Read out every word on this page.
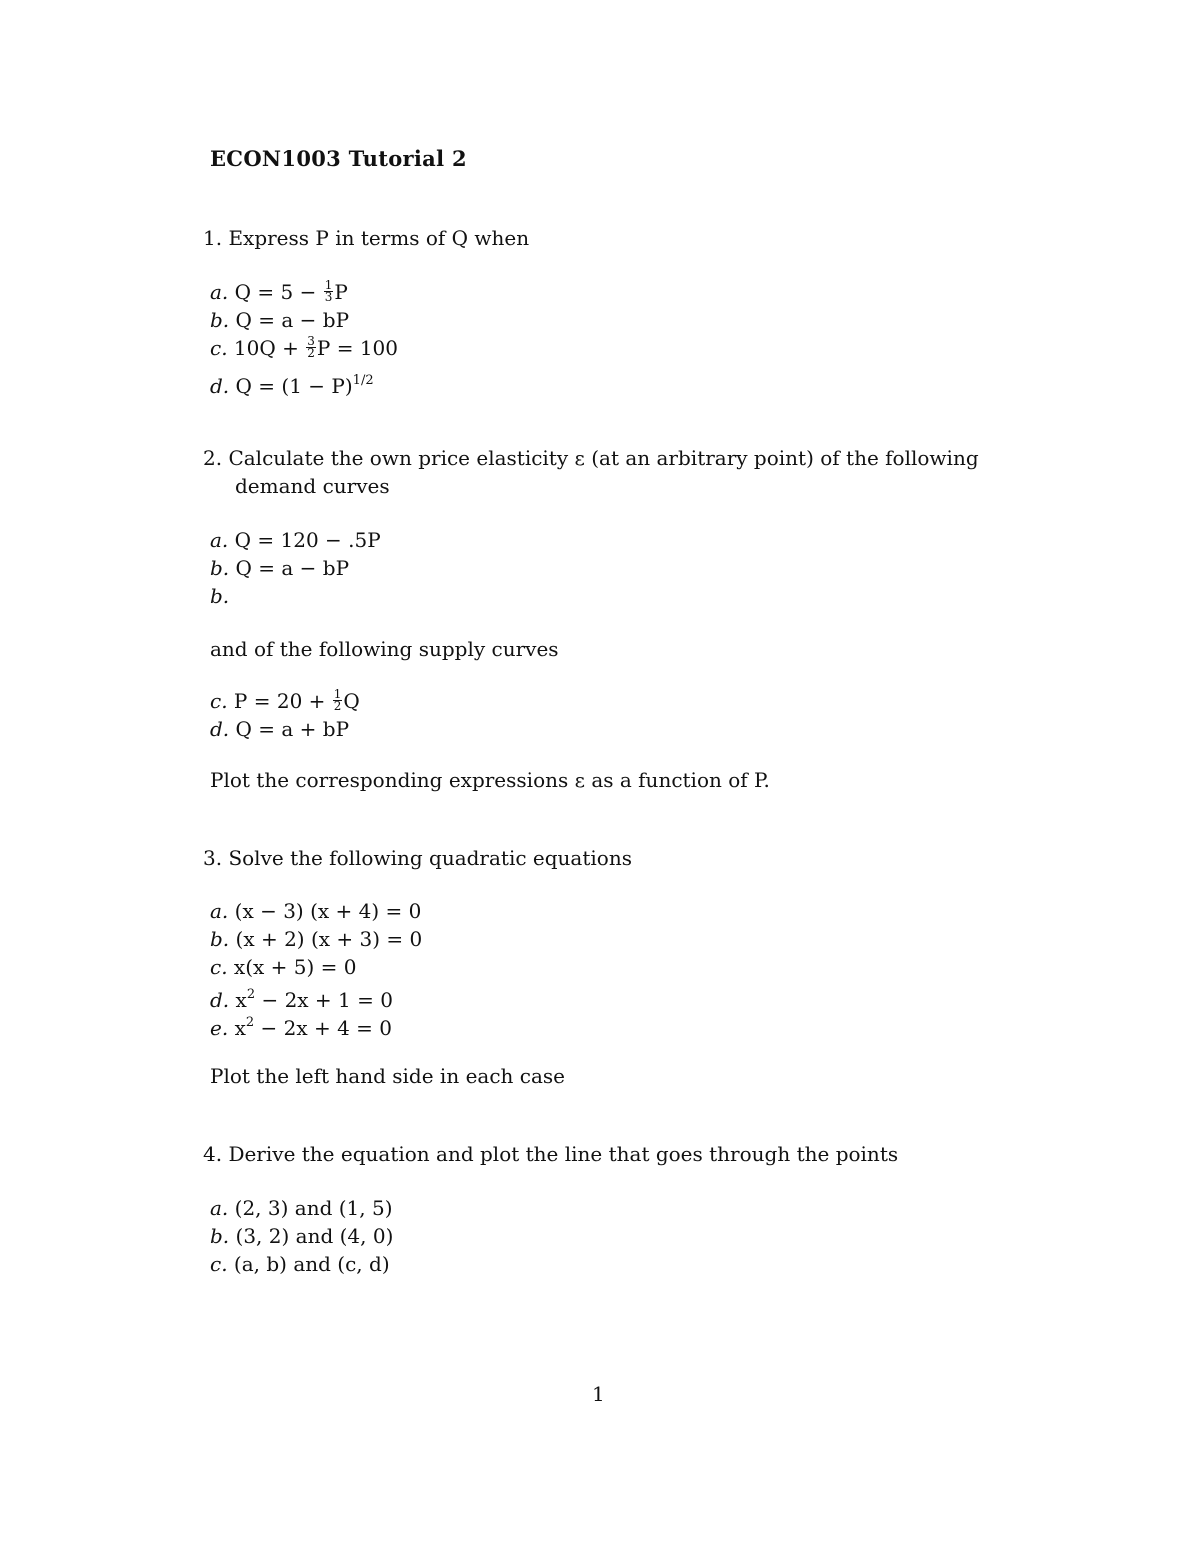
ECON1003 Tutorial 2
1. Express P in terms of Q when
a. $Q = 5 - \frac{1}{3}$ P
b. Q = a − bP
c. $10Q + \frac{3}{2}$ P = 100
d. $Q = (1 - P)^{1/2}$
2. Calculate the own price elasticity ε (at an arbitrary point) of the following
demand curves
a. Q = 120 − .5P
b. Q = a − bP
b.
and of the following supply curves
c. $P = 20 + \frac{1}{2}$ Q
d. Q = a + bP
Plot the corresponding expressions ε as a function of P.
3. Solve the following quadratic equations
a. (x − 3) (x + 4) = 0
b. (x + 2) (x + 3) = 0
c. x(x + 5) = 0
d. $x^2 - 2x + 1 = 0$
e. $x^2 - 2x + 4 = 0$
Plot the left hand side in each case
4. Derive the equation and plot the line that goes through the points
a. (2, 3) and (1, 5)
b. (3, 2) and (4, 0)
c. (a, b) and (c, d)
1
